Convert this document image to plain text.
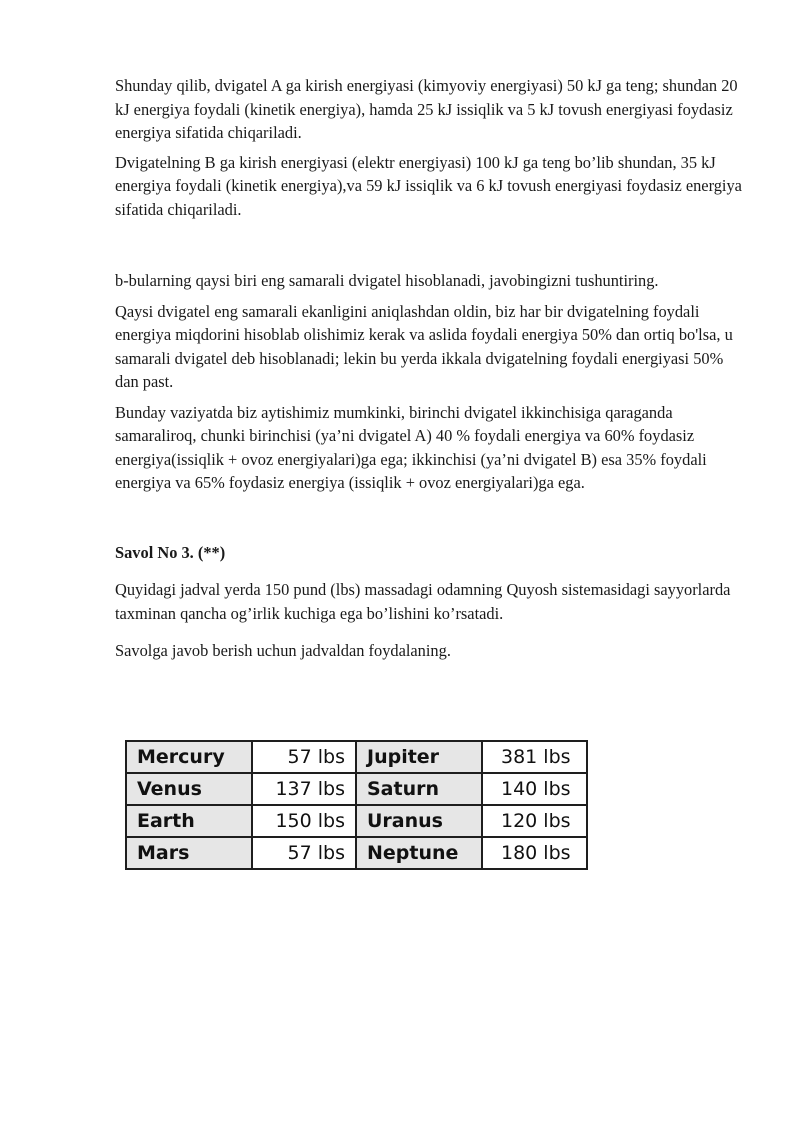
Shunday qilib, dvigatel A ga kirish energiyasi (kimyoviy energiyasi) 50 kJ ga teng; shundan 20 kJ energiya foydali (kinetik energiya), hamda 25 kJ issiqlik va 5 kJ tovush energiyasi foydasiz energiya sifatida chiqariladi.

Dvigatelning B ga kirish energiyasi (elektr energiyasi) 100 kJ ga teng bo’lib shundan, 35 kJ energiya foydali (kinetik energiya),va 59 kJ issiqlik va 6 kJ tovush energiyasi foydasiz energiya sifatida chiqariladi.

b-bularning qaysi biri eng samarali dvigatel hisoblanadi, javobingizni tushuntiring.

Qaysi dvigatel eng samarali ekanligini aniqlashdan oldin, biz har bir dvigatelning foydali energiya miqdorini hisoblab olishimiz kerak va aslida foydali energiya 50% dan ortiq bo'lsa, u samarali dvigatel deb hisoblanadi; lekin bu yerda ikkala dvigatelning foydali energiyasi 50% dan past.

Bunday vaziyatda biz aytishimiz mumkinki, birinchi dvigatel ikkinchisiga qaraganda samaraliroq, chunki birinchisi (ya’ni dvigatel A) 40 % foydali energiya va 60% foydasiz energiya(issiqlik + ovoz energiyalari)ga ega; ikkinchisi (ya’ni dvigatel B) esa 35% foydali energiya va 65% foydasiz energiya (issiqlik + ovoz energiyalari)ga ega.

Savol No 3. (**)

Quyidagi jadval yerda 150 pund (lbs) massadagi odamning Quyosh sistemasidagi sayyorlarda taxminan qancha og’irlik kuchiga ega bo’lishini ko’rsatadi.

Savolga javob berish uchun jadvaldan foydalaning.

Mercury	57 lbs	Jupiter	381 lbs
Venus	137 lbs	Saturn	140 lbs
Earth	150 lbs	Uranus	120 lbs
Mars	57 lbs	Neptune	180 lbs
